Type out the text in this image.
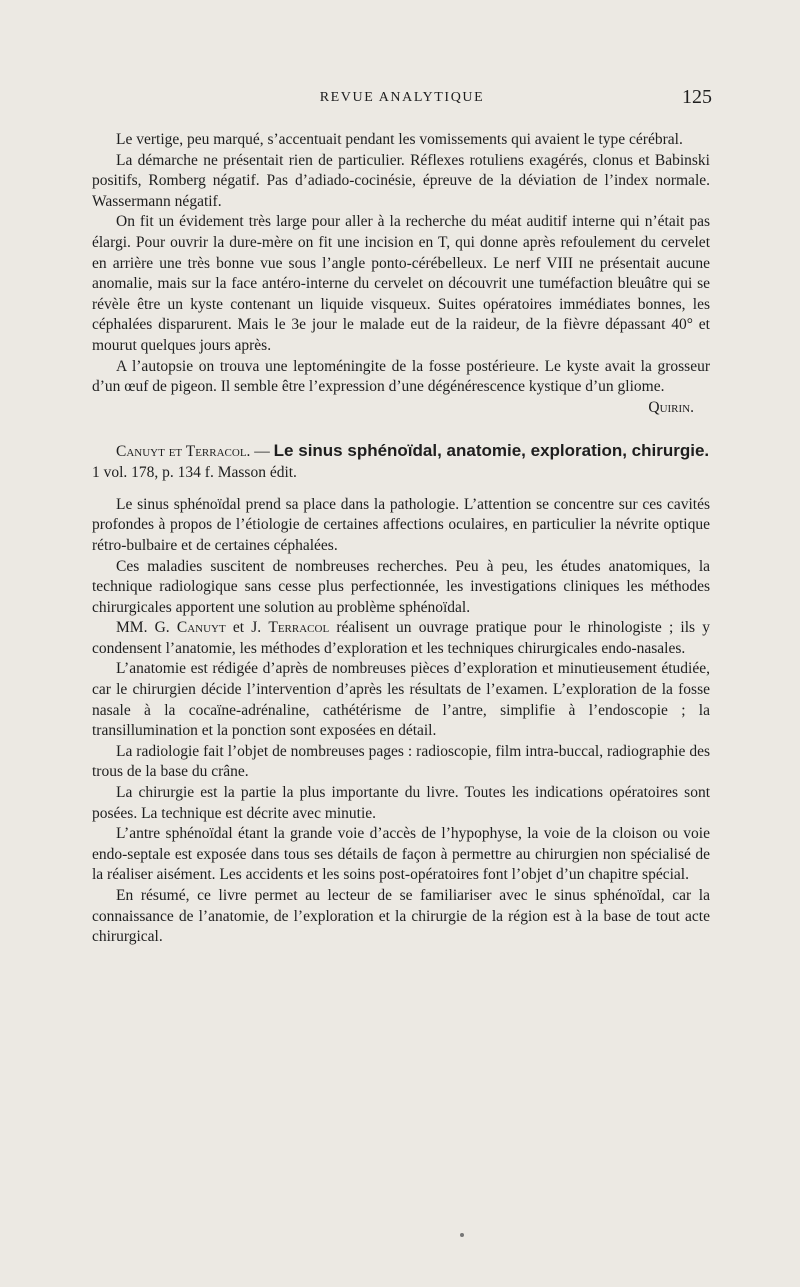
REVUE ANALYTIQUE	125

Le vertige, peu marqué, s’accentuait pendant les vomissements qui avaient le type cérébral.

La démarche ne présentait rien de particulier. Réflexes rotuliens exagérés, clonus et Babinski positifs, Romberg négatif. Pas d’adiado-cocinésie, épreuve de la déviation de l’index normale. Wassermann négatif.

On fit un évidement très large pour aller à la recherche du méat auditif interne qui n’était pas élargi. Pour ouvrir la dure-mère on fit une incision en T, qui donne après refoulement du cervelet en arrière une très bonne vue sous l’angle ponto-cérébelleux. Le nerf VIII ne présentait aucune anomalie, mais sur la face antéro-interne du cervelet on découvrit une tuméfaction bleuâtre qui se révèle être un kyste contenant un liquide visqueux. Suites opératoires immédiates bonnes, les céphalées disparurent. Mais le 3e jour le malade eut de la raideur, de la fièvre dépassant 40° et mourut quelques jours après.

A l’autopsie on trouva une leptoméningite de la fosse postérieure. Le kyste avait la grosseur d’un œuf de pigeon. Il semble être l’expression d’une dégénérescence kystique d’un gliome.
Quirin.

Canuyt et Terracol. — Le sinus sphénoïdal, anatomie, exploration, chirurgie. 1 vol. 178, p. 134 f. Masson édit.

Le sinus sphénoïdal prend sa place dans la pathologie. L’attention se concentre sur ces cavités profondes à propos de l’étiologie de certaines affections oculaires, en particulier la névrite optique rétro-bulbaire et de certaines céphalées.

Ces maladies suscitent de nombreuses recherches. Peu à peu, les études anatomiques, la technique radiologique sans cesse plus perfectionnée, les investigations cliniques les méthodes chirurgicales apportent une solution au problème sphénoïdal.

MM. G. Canuyt et J. Terracol réalisent un ouvrage pratique pour le rhinologiste ; ils y condensent l’anatomie, les méthodes d’exploration et les techniques chirurgicales endo-nasales.

L’anatomie est rédigée d’après de nombreuses pièces d’exploration et minutieusement étudiée, car le chirurgien décide l’intervention d’après les résultats de l’examen. L’exploration de la fosse nasale à la cocaïne-adrénaline, cathétérisme de l’antre, simplifie à l’endoscopie ; la transillumination et la ponction sont exposées en détail.

La radiologie fait l’objet de nombreuses pages : radioscopie, film intra-buccal, radiographie des trous de la base du crâne.

La chirurgie est la partie la plus importante du livre. Toutes les indications opératoires sont posées. La technique est décrite avec minutie.

L’antre sphénoïdal étant la grande voie d’accès de l’hypophyse, la voie de la cloison ou voie endo-septale est exposée dans tous ses détails de façon à permettre au chirurgien non spécialisé de la réaliser aisément. Les accidents et les soins post-opératoires font l’objet d’un chapitre spécial.

En résumé, ce livre permet au lecteur de se familiariser avec le sinus sphénoïdal, car la connaissance de l’anatomie, de l’exploration et la chirurgie de la région est à la base de tout acte chirurgical.
